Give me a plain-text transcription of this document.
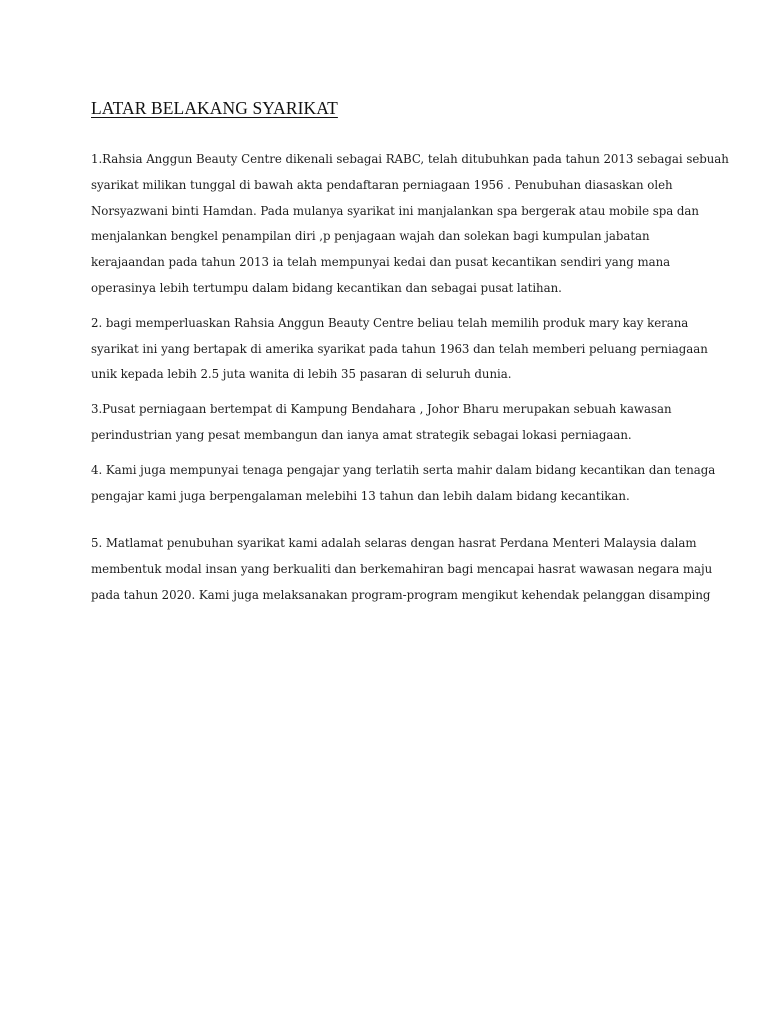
LATAR BELAKANG SYARIKAT

1.Rahsia Anggun Beauty Centre dikenali sebagai RABC, telah ditubuhkan pada tahun 2013 sebagai sebuah
syarikat milikan tunggal di bawah akta pendaftaran perniagaan 1956 . Penubuhan diasaskan oleh
Norsyazwani binti Hamdan. Pada mulanya syarikat ini manjalankan spa bergerak atau mobile spa dan
menjalankan bengkel penampilan diri ,p penjagaan wajah dan solekan bagi kumpulan jabatan
kerajaandan pada tahun 2013 ia telah mempunyai kedai dan pusat kecantikan sendiri yang mana
operasinya lebih tertumpu dalam bidang kecantikan dan sebagai pusat latihan.

2. bagi memperluaskan Rahsia Anggun Beauty Centre beliau telah memilih produk mary kay kerana
syarikat ini yang bertapak di amerika syarikat pada tahun 1963 dan telah memberi peluang perniagaan
unik kepada lebih 2.5 juta wanita di lebih 35 pasaran di seluruh dunia.

3.Pusat perniagaan bertempat di Kampung Bendahara , Johor Bharu merupakan sebuah kawasan
perindustrian yang pesat membangun dan ianya amat strategik sebagai lokasi perniagaan.

4. Kami juga mempunyai tenaga pengajar yang terlatih serta mahir dalam bidang kecantikan dan tenaga
pengajar kami juga berpengalaman melebihi 13 tahun dan lebih dalam bidang kecantikan.

5. Matlamat penubuhan syarikat kami adalah selaras dengan hasrat Perdana Menteri Malaysia dalam
membentuk modal insan yang berkualiti dan berkemahiran bagi mencapai hasrat wawasan negara maju
pada tahun 2020. Kami juga melaksanakan program-program mengikut kehendak pelanggan disamping
